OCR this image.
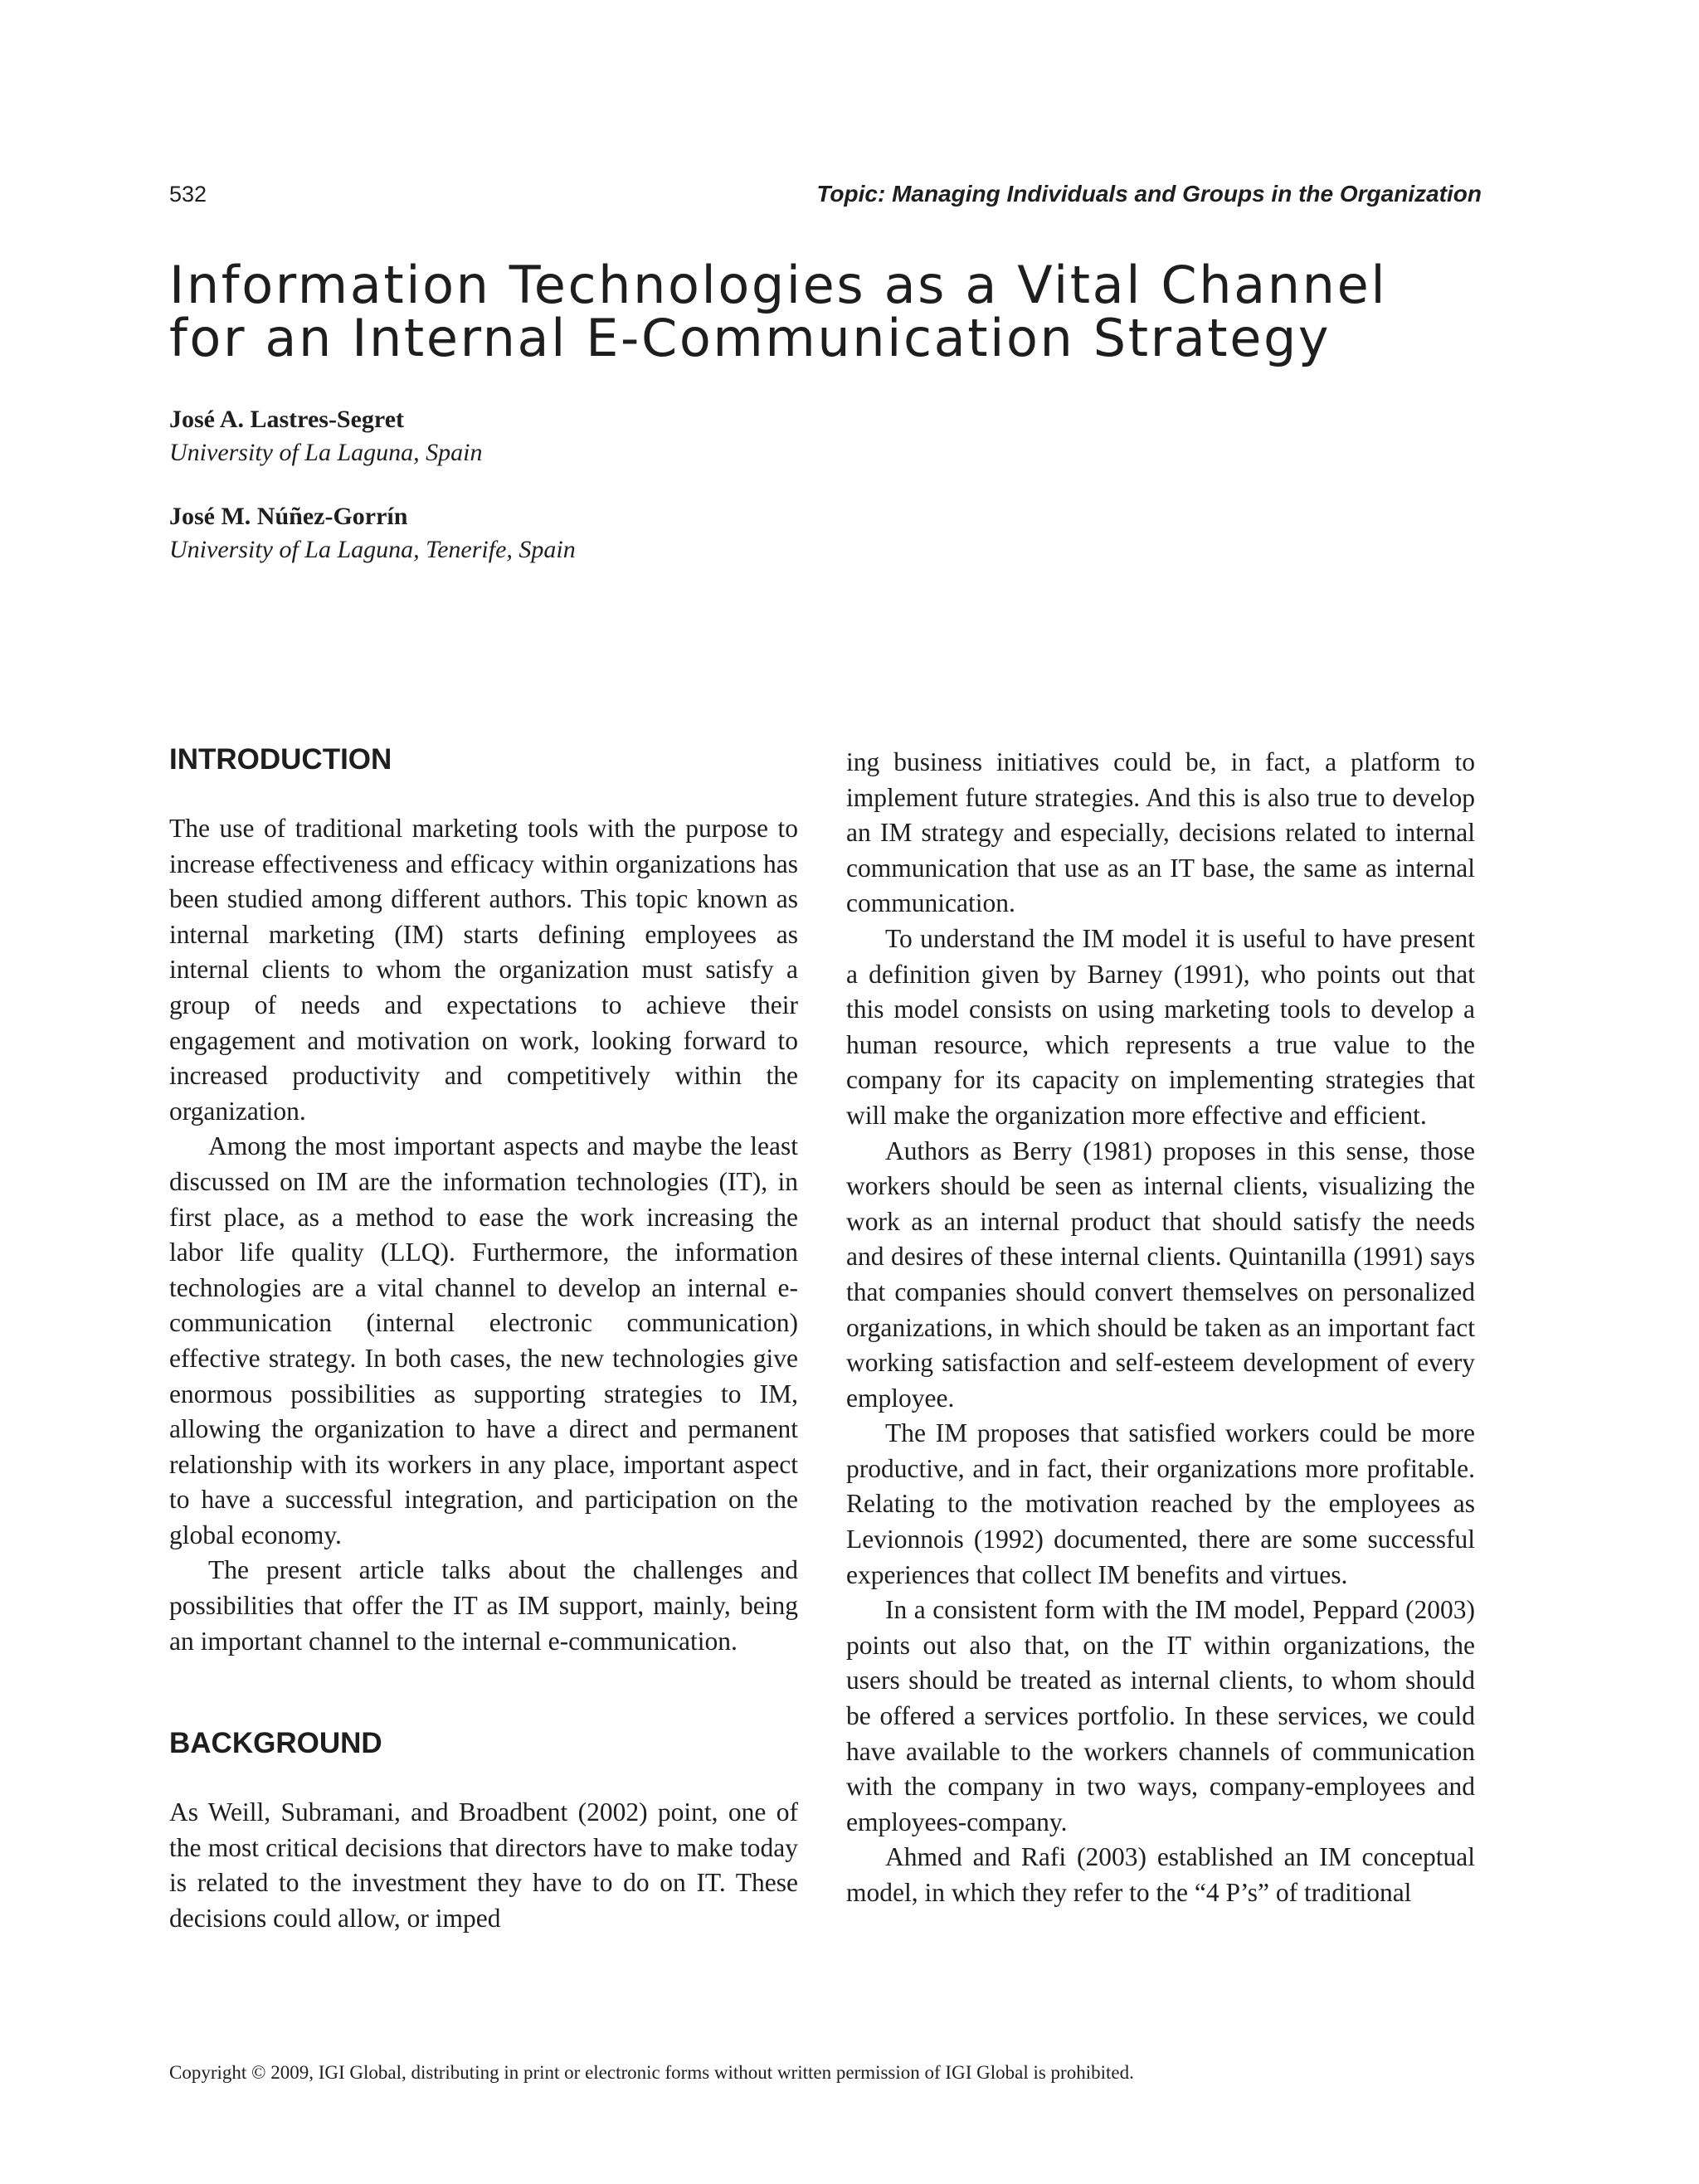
532	Topic: Managing Individuals and Groups in the Organization
Information Technologies as a Vital Channel
for an Internal E-Communication Strategy
José A. Lastres-Segret
University of La Laguna, Spain
José M. Núñez-Gorrín
University of La Laguna, Tenerife, Spain
INTRODUCTION

The use of traditional marketing tools with the purpose to increase effectiveness and efficacy within organizations has been studied among different authors. This topic known as internal marketing (IM) starts defining employees as internal clients to whom the organization must satisfy a group of needs and expectations to achieve their engagement and motivation on work, looking forward to increased productivity and competitively within the organization.

Among the most important aspects and maybe the least discussed on IM are the information technologies (IT), in first place, as a method to ease the work increasing the labor life quality (LLQ). Furthermore, the information technologies are a vital channel to develop an internal e-communication (internal electronic communication) effective strategy. In both cases, the new technologies give enormous possibilities as supporting strategies to IM, allowing the organization to have a direct and permanent relationship with its workers in any place, important aspect to have a successful integration, and participation on the global economy.

The present article talks about the challenges and possibilities that offer the IT as IM support, mainly, being an important channel to the internal e-communication.

BACKGROUND

As Weill, Subramani, and Broadbent (2002) point, one of the most critical decisions that directors have to make today is related to the investment they have to do on IT. These decisions could allow, or imped

ing business initiatives could be, in fact, a platform to implement future strategies. And this is also true to develop an IM strategy and especially, decisions related to internal communication that use as an IT base, the same as internal communication.

To understand the IM model it is useful to have present a definition given by Barney (1991), who points out that this model consists on using marketing tools to develop a human resource, which represents a true value to the company for its capacity on implementing strategies that will make the organization more effective and efficient.

Authors as Berry (1981) proposes in this sense, those workers should be seen as internal clients, visualizing the work as an internal product that should satisfy the needs and desires of these internal clients. Quintanilla (1991) says that companies should convert themselves on personalized organizations, in which should be taken as an important fact working satisfaction and self-esteem development of every employee.

The IM proposes that satisfied workers could be more productive, and in fact, their organizations more profitable. Relating to the motivation reached by the employees as Levionnois (1992) documented, there are some successful experiences that collect IM benefits and virtues.

In a consistent form with the IM model, Peppard (2003) points out also that, on the IT within organizations, the users should be treated as internal clients, to whom should be offered a services portfolio. In these services, we could have available to the workers channels of communication with the company in two ways, company-employees and employees-company.

Ahmed and Rafi (2003) established an IM conceptual model, in which they refer to the “4 P’s” of traditional

Copyright © 2009, IGI Global, distributing in print or electronic forms without written permission of IGI Global is prohibited.
